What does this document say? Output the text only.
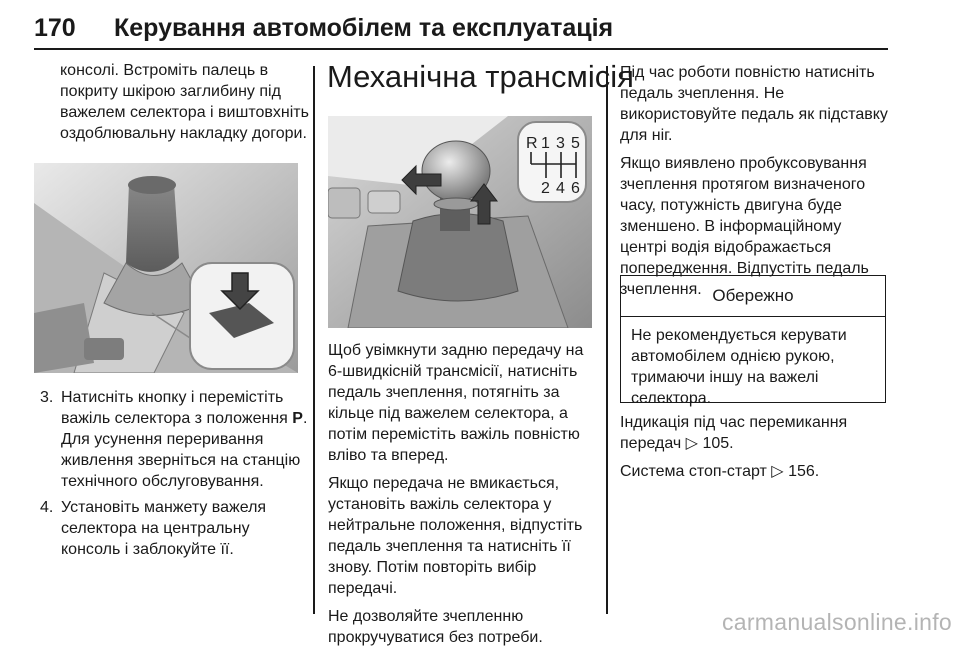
170 Керування автомобілем та експлуатація

консолі. Встроміть палець в покриту шкірою заглибину під важелем селектора і виштовхніть оздоблювальну накладку догори.

3. Натисніть кнопку і перемістіть важіль селектора з положення P. Для усунення переривання живлення зверніться на станцію технічного обслуговування.
4. Установіть манжету важеля селектора на центральну консоль і заблокуйте її.
Механічна трансмісія
R 1 3 5
2 4 6

Щоб увімкнути задню передачу на 6-швидкісній трансмісії, натисніть педаль зчеплення, потягніть за кільце під важелем селектора, а потім перемістіть важіль повністю вліво та вперед.

Якщо передача не вмикається, установіть важіль селектора у нейтральне положення, відпустіть педаль зчеплення та натисніть її знову. Потім повторіть вибір передачі.

Не дозволяйте зчепленню прокручуватися без потреби.

Під час роботи повністю натисніть педаль зчеплення. Не використовуйте педаль як підставку для ніг.

Якщо виявлено пробуксовування зчеплення протягом визначеного часу, потужність двигуна буде зменшено. В інформаційному центрі водія відображається попередження. Відпустіть педаль зчеплення. Обережно
Не рекомендується керувати автомобілем однією рукою, тримаючи іншу на важелі селектора.

Індикація під час перемикання передач ▷ 105.

Система стоп-старт ▷ 156.

carmanualsonline.info
